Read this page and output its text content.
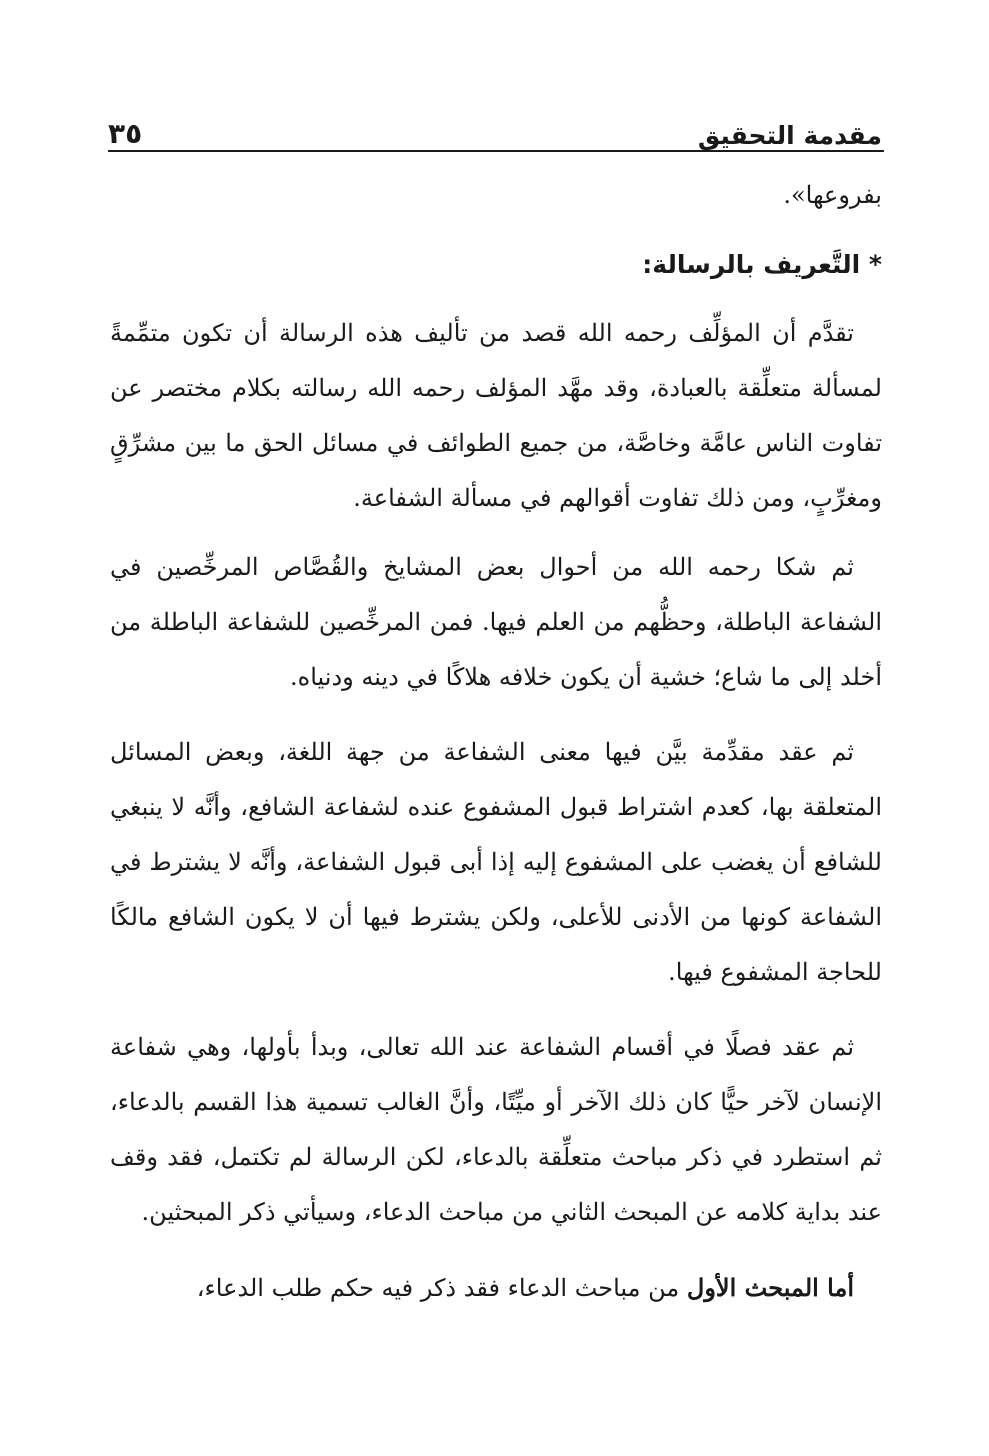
مقدمة التحقيق
٣٥

بفروعها».

* التَّعريف بالرسالة:

تقدَّم أن المؤلِّف رحمه الله قصد من تأليف هذه الرسالة أن تكون متمِّمةً لمسألة متعلِّقة بالعبادة، وقد مهَّد المؤلف رحمه الله رسالته بكلام مختصر عن تفاوت الناس عامَّة وخاصَّة، من جميع الطوائف في مسائل الحق ما بين مشرِّقٍ ومغرِّبٍ، ومن ذلك تفاوت أقوالهم في مسألة الشفاعة.

ثم شكا رحمه الله من أحوال بعض المشايخ والقُصَّاص المرخِّصين في الشفاعة الباطلة، وحظُّهم من العلم فيها. فمن المرخِّصين للشفاعة الباطلة من أخلد إلى ما شاع؛ خشية أن يكون خلافه هلاكًا في دينه ودنياه.

ثم عقد مقدِّمة بيَّن فيها معنى الشفاعة من جهة اللغة، وبعض المسائل المتعلقة بها، كعدم اشتراط قبول المشفوع عنده لشفاعة الشافع، وأنَّه لا ينبغي للشافع أن يغضب على المشفوع إليه إذا أبى قبول الشفاعة، وأنَّه لا يشترط في الشفاعة كونها من الأدنى للأعلى، ولكن يشترط فيها أن لا يكون الشافع مالكًا للحاجة المشفوع فيها.

ثم عقد فصلًا في أقسام الشفاعة عند الله تعالى، وبدأ بأولها، وهي شفاعة الإنسان لآخر حيًّا كان ذلك الآخر أو ميِّتًا، وأنَّ الغالب تسمية هذا القسم بالدعاء، ثم استطرد في ذكر مباحث متعلِّقة بالدعاء، لكن الرسالة لم تكتمل، فقد وقف عند بداية كلامه عن المبحث الثاني من مباحث الدعاء، وسيأتي ذكر المبحثين.

أما المبحث الأول من مباحث الدعاء فقد ذكر فيه حكم طلب الدعاء،
